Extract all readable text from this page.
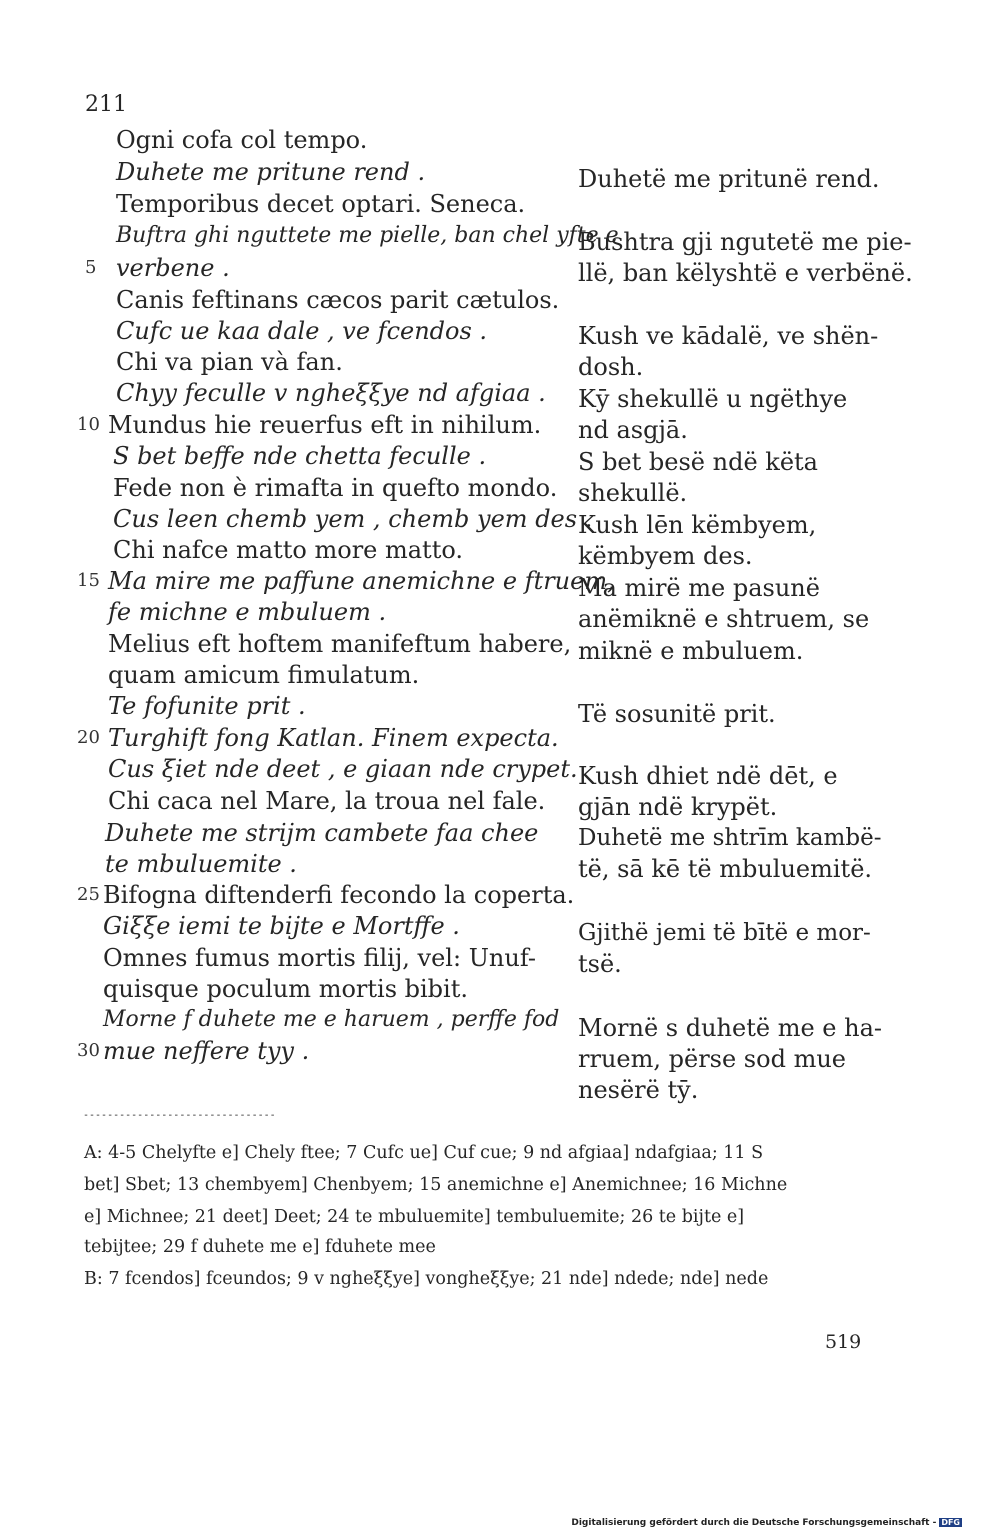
211
5
10
15
20
25
30
Ogni cofa col tempo.
Duhete me pritune rend .
Temporibus decet optari. Seneca.
Buftra ghi nguttete me pielle, ban chel yfte e
verbene .
Canis feftinans cæcos parit cætulos.
Cufc ue kaa dale , ve fcendos .
Chi va pian và fan.
Chyy feculle v ngheξξye nd afgiaa .
Mundus hie reuerfus eft in nihilum.
S bet beffe nde chetta feculle .
Fede non è rimafta in quefto mondo.
Cus leen chemb yem , chemb yem des .
Chi nafce matto more matto.
Ma mire me paffune anemichne e ftruem,
fe michne e mbuluem .
Melius eft hoftem manifeftum habere,
quam amicum fimulatum.
Te fofunite prit .
Turghift fong Katlan. Finem expecta.
Cus ξiet nde deet , e giaan nde crypet.
Chi caca nel Mare, la troua nel fale.
Duhete me strijm cambete faa chee
te mbuluemite .
Bifogna diftenderfi fecondo la coperta.
Giξξe iemi te bijte e Mortffe .
Omnes fumus mortis filij, vel: Unuf-
quisque poculum mortis bibit.
Morne f duhete me e haruem , perffe fod
mue neffere tyy .
Duhetë me pritunë rend.
Bushtra gji ngutetë me pie-
llë, ban këlyshtë e verbënë.
Kush ve kādalë, ve shën-
dosh.
Kȳ shekullë u ngëthye
nd asgjā.
S bet besë ndë këta
shekullë.
Kush lēn këmbyem,
këmbyem des.
Ma mirë me pasunë
anëmiknë e shtruem, se
miknë e mbuluem.
Të sosunitë prit.
Kush dhiet ndë dēt, e
gjān ndë krypët.
Duhetë me shtrīm kambë-
të, sā kē të mbuluemitë.
Gjithë jemi të bītë e mor-
tsë.
Mornë s duhetë me e ha-
rruem, përse sod mue
nesërë tȳ.
--------------------------------
A: 4-5 Chelyfte e] Chely ftee; 7 Cufc ue] Cuf cue; 9 nd afgiaa] ndafgiaa; 11 S
bet] Sbet; 13 chembyem] Chenbyem; 15 anemichne e] Anemichnee; 16 Michne
e] Michnee; 21 deet] Deet; 24 te mbuluemite] tembuluemite; 26 te bijte e]
tebijtee; 29 f duhete me e] fduhete mee
B: 7 fcendos] fceundos; 9 v ngheξξye] vongheξξye; 21 nde] ndede; nde] nede
519
Digitalisierung gefördert durch die Deutsche Forschungsgemeinschaft - DFG
